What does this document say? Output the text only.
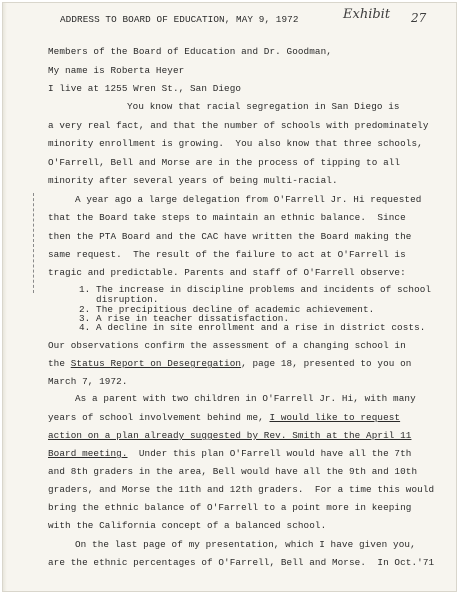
ADDRESS TO BOARD OF EDUCATION, MAY 9, 1972	Exhibit 27
Members of the Board of Education and Dr. Goodman,
My name is Roberta Heyer
I live at 1255 Wren St., San Diego
You know that racial segregation in San Diego is
a very real fact, and that the number of schools with predominately
minority enrollment is growing.  You also know that three schools,
O'Farrell, Bell and Morse are in the process of tipping to all
minority after several years of being multi-racial.
A year ago a large delegation from O'Farrell Jr. Hi requested
that the Board take steps to maintain an ethnic balance.  Since
then the PTA Board and the CAC have written the Board making the
same request.  The result of the failure to act at O'Farrell is
tragic and predictable. Parents and staff of O'Farrell observe:
1. The increase in discipline problems and incidents of school
disruption.
2. The precipitious decline of academic achievement.
3. A rise in teacher dissatisfaction.
4. A decline in site enrollment and a rise in district costs.
Our observations confirm the assessment of a changing school in
the Status Report on Desegregation, page 18, presented to you on
March 7, 1972.
As a parent with two children in O'Farrell Jr. Hi, with many
years of school involvement behind me, I would like to request
action on a plan already suggested by Rev. Smith at the April 11
Board meeting.  Under this plan O'Farrell would have all the 7th
and 8th graders in the area, Bell would have all the 9th and 10th
graders, and Morse the 11th and 12th graders.  For a time this would
bring the ethnic balance of O'Farrell to a point more in keeping
with the California concept of a balanced school.
On the last page of my presentation, which I have given you,
are the ethnic percentages of O'Farrell, Bell and Morse.  In Oct.'71
